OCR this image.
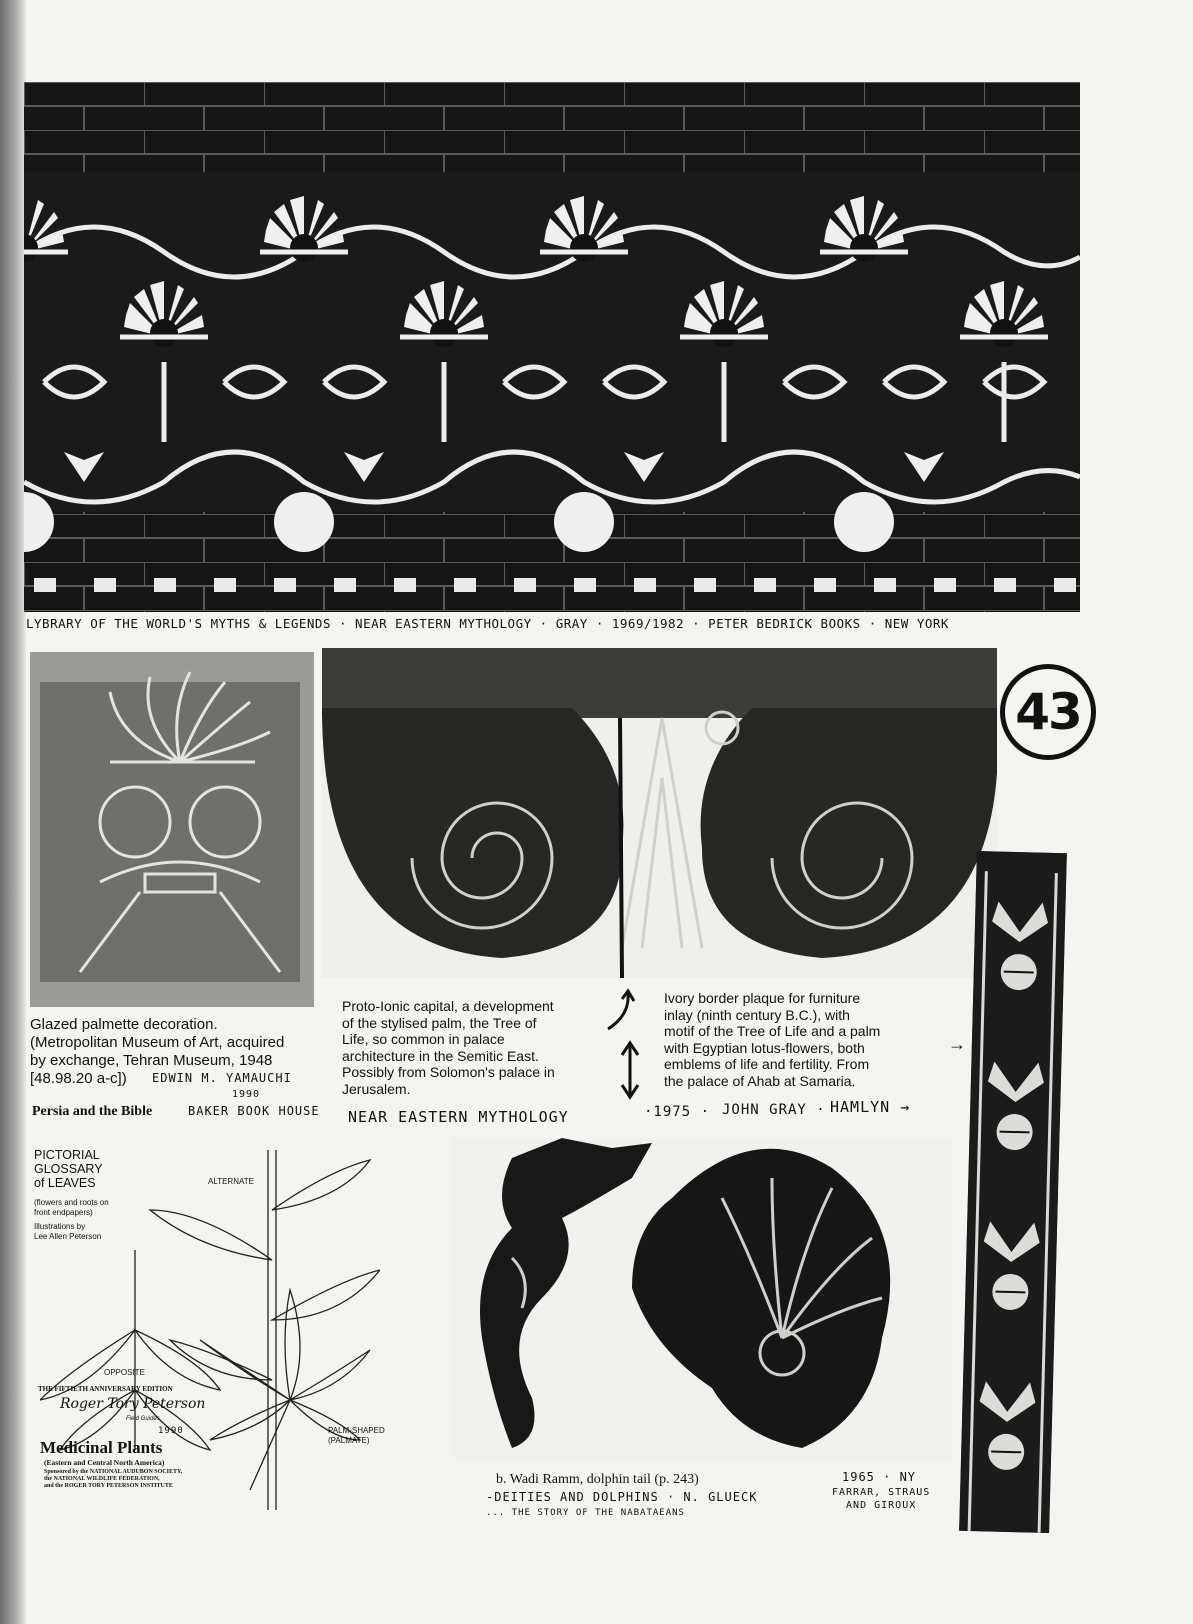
LYBRARY OF THE WORLD'S MYTHS & LEGENDS · NEAR EASTERN MYTHOLOGY · GRAY · 1969/1982 · PETER BEDRICK BOOKS · NEW YORK
Glazed palmette decoration.
(Metropolitan Museum of Art, acquired
by exchange, Tehran Museum, 1948
[48.98.20 a-c])	EDWIN M. YAMAUCHI
1990
Persia and the Bible	BAKER BOOK HOUSE
43
Proto-Ionic capital, a development
of the stylised palm, the Tree of
Life, so common in palace
architecture in the Semitic East.
Possibly from Solomon's palace in
Jerusalem.
Ivory border plaque for furniture
inlay (ninth century B.C.), with
motif of the Tree of Life and a palm
with Egyptian lotus-flowers, both
emblems of life and fertility. From
the palace of Ahab at Samaria.
→
NEAR EASTERN MYTHOLOGY	·1975 · JOHN GRAY · HAMLYN →
PICTORIAL
GLOSSARY
of LEAVES
(flowers and roots on
front endpapers)
Illustrations by
Lee Allen Peterson
ALTERNATE
OPPOSITE
PALM-SHAPED
(PALMATE)
THE FIFTIETH ANNIVERSARY EDITION
Roger Tory Peterson
Field Guides
1990
Medicinal Plants
(Eastern and Central North America)
Sponsored by the NATIONAL AUDUBON SOCIETY,
the NATIONAL WILDLIFE FEDERATION,
and the ROGER TORY PETERSON INSTITUTE	b. Wadi Ramm, dolphin tail (p. 243)
-DEITIES AND DOLPHINS · N. GLUECK
... THE STORY OF THE NABATAEANS
1965 · NY
FARRAR, STRAUS
AND GIROUX
